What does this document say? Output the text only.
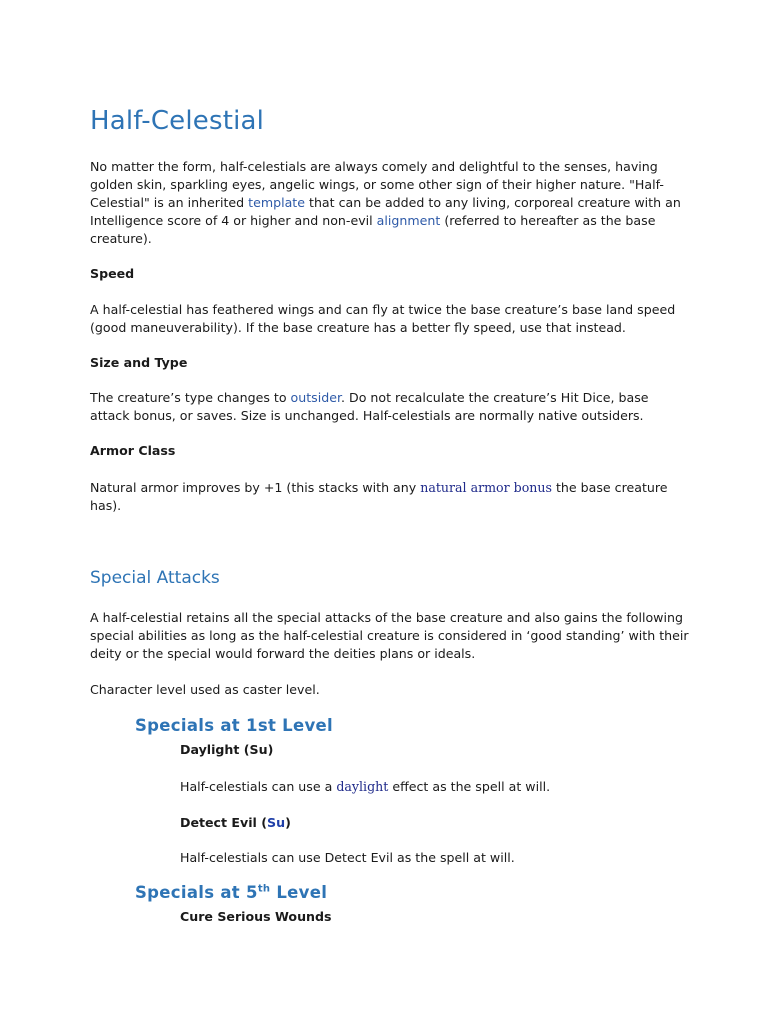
Half-Celestial

No matter the form, half-celestials are always comely and delightful to the senses, having golden skin, sparkling eyes, angelic wings, or some other sign of their higher nature. "Half-Celestial" is an inherited template that can be added to any living, corporeal creature with an Intelligence score of 4 or higher and non-evil alignment (referred to hereafter as the base creature).

Speed

A half-celestial has feathered wings and can fly at twice the base creature’s base land speed (good maneuverability). If the base creature has a better fly speed, use that instead.

Size and Type

The creature’s type changes to outsider. Do not recalculate the creature’s Hit Dice, base attack bonus, or saves. Size is unchanged. Half-celestials are normally native outsiders.

Armor Class

Natural armor improves by +1 (this stacks with any natural armor bonus the base creature has).

Special Attacks

A half-celestial retains all the special attacks of the base creature and also gains the following special abilities as long as the half-celestial creature is considered in ‘good standing’ with their deity or the special would forward the deities plans or ideals.

Character level used as caster level.

Specials at 1st Level
Daylight (Su)

Half-celestials can use a daylight effect as the spell at will.

Detect Evil (Su)

Half-celestials can use Detect Evil as the spell at will.

Specials at 5th Level
Cure Serious Wounds
